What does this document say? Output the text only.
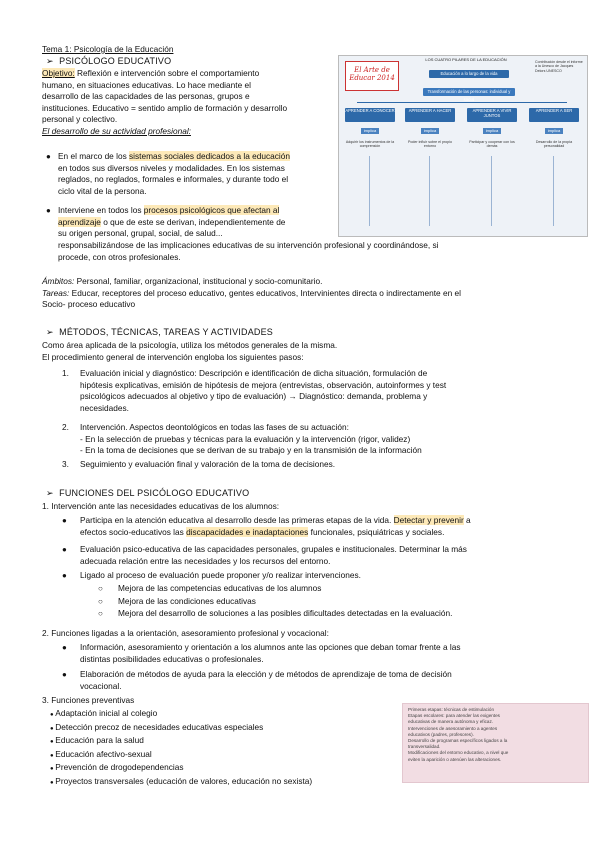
Tema 1: Psicología de la Educación
➢  PSICÓLOGO EDUCATIVO
Objetivo: Reflexión e intervención sobre el comportamiento
humano, en situaciones educativas. Lo hace mediante el
desarrollo de las capacidades de las personas, grupos e
instituciones. Educativo = sentido amplio de formación y desarrollo
personal y colectivo.
El desarrollo de su actividad profesional:
● En el marco de los sistemas sociales dedicados a la educación
en todos sus diversos niveles y modalidades. En los sistemas
reglados, no reglados, formales e informales, y durante todo el
ciclo vital de la persona.
● Interviene en todos los procesos psicológicos que afectan al
aprendizaje o que de este se derivan, independientemente de
su origen personal, grupal, social, de salud...
responsabilizándose de las implicaciones educativas de su intervención profesional y coordinándose, si
procede, con otros profesionales.
Ámbitos: Personal, familiar, organizacional, institucional y socio-comunitario.
Tareas: Educar, receptores del proceso educativo, gentes educativos, Intervinientes directa o indirectamente en el
Socio- proceso educativo
El Arte de
Educar 2014
LOS CUATRO PILARES DE LA EDUCACIÓN	Contribución desde el informe a la Unesco de Jacques Delors UNESCO
Educación a lo largo de la vida
Transformación de las personas: individual y social
APRENDER A CONOCER	APRENDER A HACER	APRENDER A VIVIR JUNTOS
APRENDER A SER
implica	implica	implica	implica
Adquirir los instrumentos de la comprensión
Poder influir sobre el propio entorno
Participar y cooperar con los demás
Desarrollo de la propia personalidad
➢  MÉTODOS, TÉCNICAS, TAREAS Y ACTIVIDADES
Como área aplicada de la psicología, utiliza los métodos generales de la misma.
El procedimiento general de intervención engloba los siguientes pasos:
1. Evaluación inicial y diagnóstico: Descripción e identificación de dicha situación, formulación de
hipótesis explicativas, emisión de hipótesis de mejora (entrevistas, observación, autoinformes y test
psicológicos adecuados al objetivo y tipo de evaluación) → Diagnóstico: demanda, problema y
necesidades.
2. Intervención. Aspectos deontológicos en todas las fases de su actuación:
- En la selección de pruebas y técnicas para la evaluación y la intervención (rigor, validez)
- En la toma de decisiones que se derivan de su trabajo y en la transmisión de la información
3. Seguimiento y evaluación final y valoración de la toma de decisiones.
➢  FUNCIONES DEL PSICÓLOGO EDUCATIVO
1. Intervención ante las necesidades educativas de los alumnos:
● Participa en la atención educativa al desarrollo desde las primeras etapas de la vida. Detectar y prevenir a
efectos socio-educativos las discapacidades e inadaptaciones funcionales, psiquiátricas y sociales.
● Evaluación psico-educativa de las capacidades personales, grupales e institucionales. Determinar la más
adecuada relación entre las necesidades y los recursos del entorno.
● Ligado al proceso de evaluación puede proponer y/o realizar intervenciones.
○ Mejora de las competencias educativas de los alumnos
○ Mejora de las condiciones educativas
○ Mejora del desarrollo de soluciones a las posibles dificultades detectadas en la evaluación.
2. Funciones ligadas a la orientación, asesoramiento profesional y vocacional:
● Información, asesoramiento y orientación a los alumnos ante las opciones que deban tomar frente a las
distintas posibilidades educativas o profesionales.
● Elaboración de métodos de ayuda para la elección y de métodos de aprendizaje de toma de decisión
vocacional.
3. Funciones preventivas
● Adaptación inicial al colegio
● Detección precoz de necesidades educativas especiales
● Educación para la salud
● Educación afectivo-sexual
● Prevención de drogodependencias
● Proyectos transversales (educación de valores, educación no sexista)
Primeras etapas: técnicas de estimulación
Etapas escolares: para atender las exigentes
educativas de manera autónoma y eficaz.
Intervenciones de asesoramiento a agentes
educativos (padres, profesores).
Desarrollo de programas específicos ligados a la
transversalidad.
Modificaciones del entorno educativo, a nivel que
eviten la aparición o atenúen las alteraciones.
